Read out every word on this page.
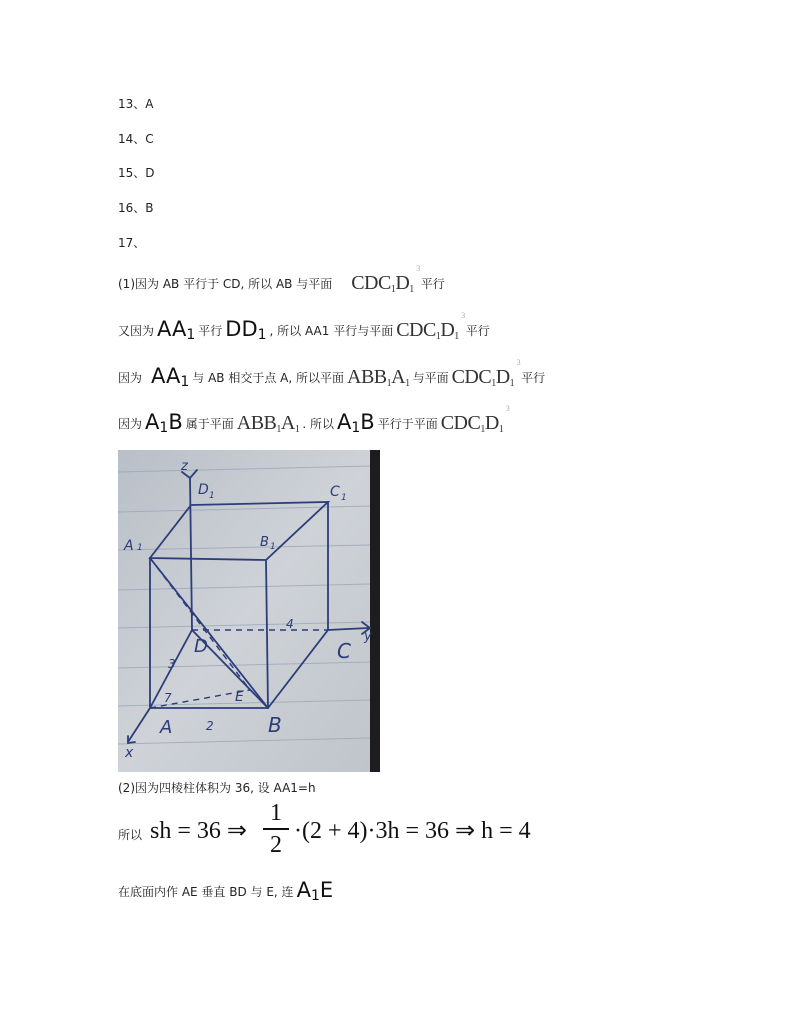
13、A
14、C
15、D
16、B
17、
(1)因为 AB 平行于 CD, 所以 AB 与平面 $CDC_1D_1$
3
平行
又因为 $AA_1$ 平行 $DD_1$ , 所以 AA1 平行与平面 $CDC_1D_1$
3
平行
因为 $AA_1$ 与 AB 相交于点 A, 所以平面 $ABB_1A_1$ 与平面 $CDC_1D_1$
3
平行
因为 $A_1B$ 属于平面 $ABB_1A_1$ . 所以 $A_1B$ 平行于平面 $CDC_1D_1$
3
z
D 1	C 1
A 1	B 1
D	C
y
E
A	B
x
4
3
2
7
(2)因为四棱柱体积为 36, 设 AA1=h
所以 sh = 36 ⇒
1
2
·(2 + 4)·3h = 36 ⇒ h = 4
在底面内作 AE 垂直 BD 与 E, 连 $A_1E$
